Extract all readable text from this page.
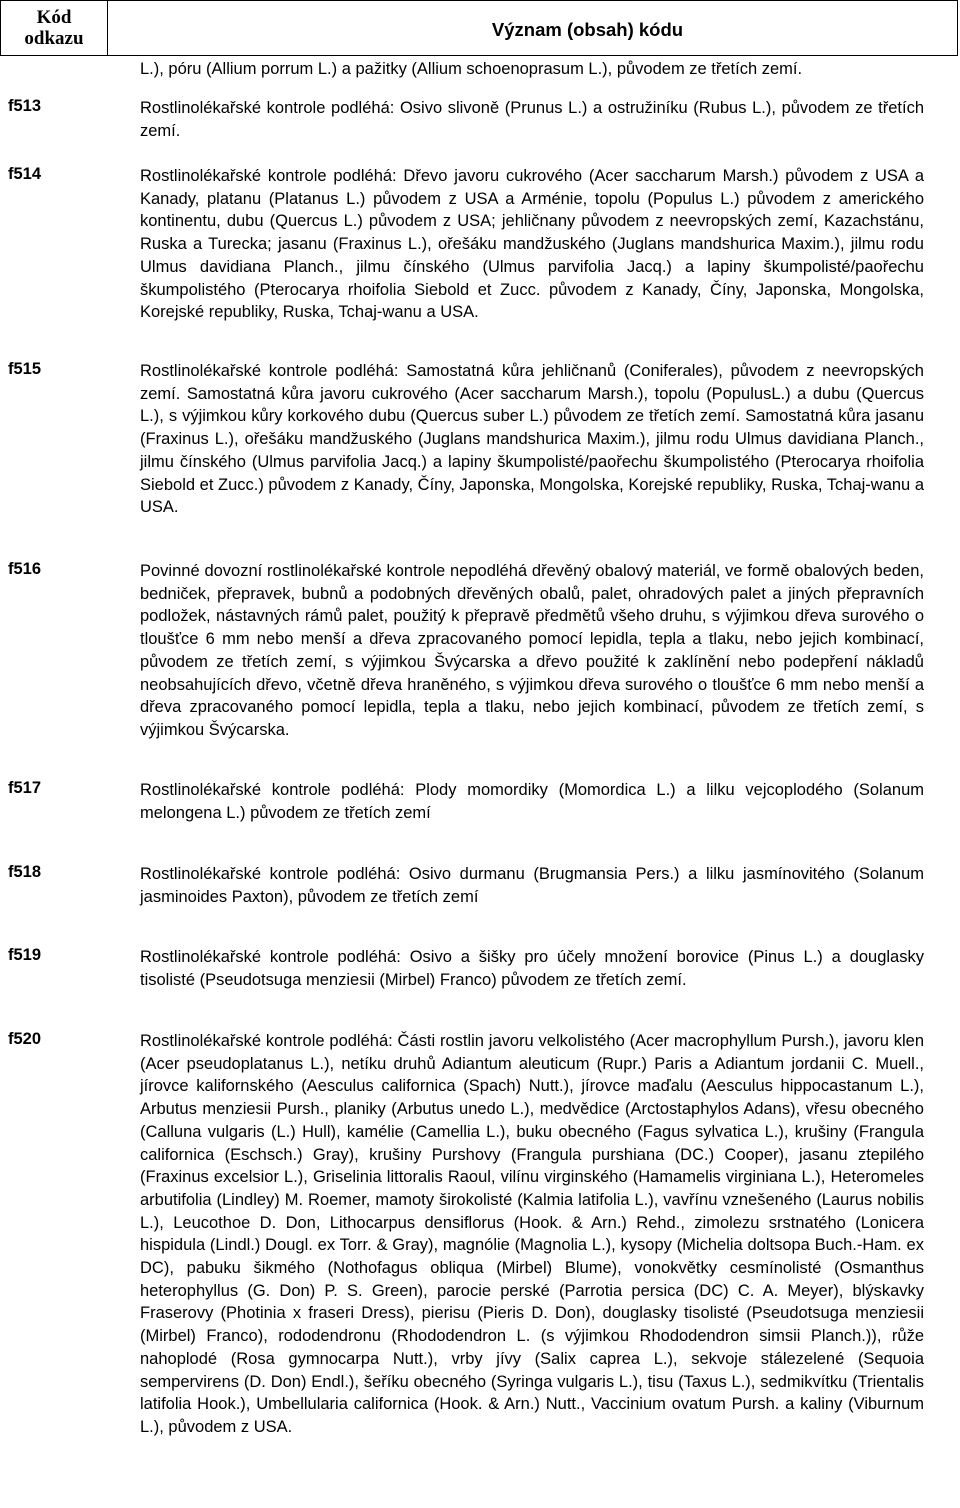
Kód
odkazu	Význam (obsah) kódu
L.), póru (Allium porrum L.) a pažitky (Allium schoenoprasum L.), původem ze třetích zemí.
f513	Rostlinolékařské kontrole podléhá: Osivo slivoně (Prunus L.) a ostružiníku (Rubus L.), původem ze třetích zemí.
f514	Rostlinolékařské kontrole podléhá: Dřevo javoru cukrového (Acer saccharum Marsh.) původem z USA a Kanady, platanu (Platanus L.) původem z USA a Arménie, topolu (Populus L.) původem z amerického kontinentu, dubu (Quercus L.) původem z USA; jehličnany původem z neevropských zemí, Kazachstánu, Ruska a Turecka; jasanu (Fraxinus L.), ořešáku mandžuského (Juglans mandshurica Maxim.), jilmu rodu Ulmus davidiana Planch., jilmu čínského (Ulmus parvifolia Jacq.) a lapiny škumpolisté/paořechu škumpolistého (Pterocarya rhoifolia Siebold et Zucc. původem z Kanady, Číny, Japonska, Mongolska, Korejské republiky, Ruska, Tchaj-wanu a USA.
f515	Rostlinolékařské kontrole podléhá: Samostatná kůra jehličnanů (Coniferales), původem z neevropských zemí. Samostatná kůra javoru cukrového (Acer saccharum Marsh.), topolu (PopulusL.) a dubu (Quercus L.), s výjimkou kůry korkového dubu (Quercus suber L.) původem ze třetích zemí. Samostatná kůra jasanu (Fraxinus L.), ořešáku mandžuského (Juglans mandshurica Maxim.), jilmu rodu Ulmus davidiana Planch., jilmu čínského (Ulmus parvifolia Jacq.) a lapiny škumpolisté/paořechu škumpolistého (Pterocarya rhoifolia Siebold et Zucc.) původem z Kanady, Číny, Japonska, Mongolska, Korejské republiky, Ruska, Tchaj-wanu a USA.
f516	Povinné dovozní rostlinolékařské kontrole nepodléhá dřevěný obalový materiál, ve formě obalových beden, bedniček, přepravek, bubnů a podobných dřevěných obalů, palet, ohradových palet a jiných přepravních podložek, nástavných rámů palet, použitý k přepravě předmětů všeho druhu, s výjimkou dřeva surového o tloušťce 6 mm nebo menší a dřeva zpracovaného pomocí lepidla, tepla a tlaku, nebo jejich kombinací, původem ze třetích zemí, s výjimkou Švýcarska a dřevo použité k zaklínění nebo podepření nákladů neobsahujících dřevo, včetně dřeva hraněného, s výjimkou dřeva surového o tloušťce 6 mm nebo menší a dřeva zpracovaného pomocí lepidla, tepla a tlaku, nebo jejich kombinací, původem ze třetích zemí, s výjimkou Švýcarska.
f517	Rostlinolékařské kontrole podléhá: Plody momordiky (Momordica L.) a lilku vejcoplodého (Solanum melongena L.) původem ze třetích zemí
f518	Rostlinolékařské kontrole podléhá: Osivo durmanu (Brugmansia Pers.) a lilku jasmínovitého (Solanum jasminoides Paxton), původem ze třetích zemí
f519	Rostlinolékařské kontrole podléhá: Osivo a šišky pro účely množení borovice (Pinus L.) a douglasky tisolisté (Pseudotsuga menziesii (Mirbel) Franco) původem ze třetích zemí.
f520	Rostlinolékařské kontrole podléhá: Části rostlin javoru velkolistého (Acer macrophyllum Pursh.), javoru klen (Acer pseudoplatanus L.), netíku druhů Adiantum aleuticum (Rupr.) Paris a Adiantum jordanii C. Muell., jírovce kalifornského (Aesculus californica (Spach) Nutt.), jírovce maďalu (Aesculus hippocastanum L.), Arbutus menziesii Pursh., planiky (Arbutus unedo L.), medvědice (Arctostaphylos Adans), vřesu obecného (Calluna vulgaris (L.) Hull), kamélie (Camellia L.), buku obecného (Fagus sylvatica L.), krušiny (Frangula californica (Eschsch.) Gray), krušiny Purshovy (Frangula purshiana (DC.) Cooper), jasanu ztepilého (Fraxinus excelsior L.), Griselinia littoralis Raoul, vilínu virginského (Hamamelis virginiana L.), Heteromeles arbutifolia (Lindley) M. Roemer, mamoty širokolisté (Kalmia latifolia L.), vavřínu vznešeného (Laurus nobilis L.), Leucothoe D. Don, Lithocarpus densiflorus (Hook. & Arn.) Rehd., zimolezu srstnatého (Lonicera hispidula (Lindl.) Dougl. ex Torr. & Gray), magnólie (Magnolia L.), kysopy (Michelia doltsopa Buch.-Ham. ex DC), pabuku šikmého (Nothofagus obliqua (Mirbel) Blume), vonokvětky cesmínolisté (Osmanthus heterophyllus (G. Don) P. S. Green), parocie perské (Parrotia persica (DC) C. A. Meyer), blýskavky Fraserovy (Photinia x fraseri Dress), pierisu (Pieris D. Don), douglasky tisolisté (Pseudotsuga menziesii (Mirbel) Franco), rododendronu (Rhododendron L. (s výjimkou Rhododendron simsii Planch.)), růže nahoplodé (Rosa gymnocarpa Nutt.), vrby jívy (Salix caprea L.), sekvoje stálezelené (Sequoia sempervirens (D. Don) Endl.), šeříku obecného (Syringa vulgaris L.), tisu (Taxus L.), sedmikvítku (Trientalis latifolia Hook.), Umbellularia californica (Hook. & Arn.) Nutt., Vaccinium ovatum Pursh. a kaliny (Viburnum L.), původem z USA.
